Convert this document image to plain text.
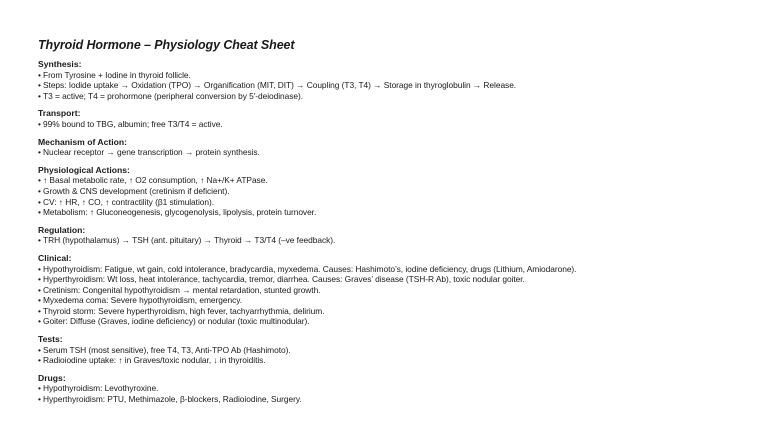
Thyroid Hormone – Physiology Cheat Sheet
Synthesis:
• From Tyrosine + Iodine in thyroid follicle.
• Steps: Iodide uptake → Oxidation (TPO) → Organification (MIT, DIT) → Coupling (T3, T4) → Storage in thyroglobulin → Release.
• T3 = active; T4 = prohormone (peripheral conversion by 5′-deiodinase).
Transport:
• 99% bound to TBG, albumin; free T3/T4 = active.
Mechanism of Action:
• Nuclear receptor → gene transcription → protein synthesis.
Physiological Actions:
• ↑ Basal metabolic rate, ↑ O2 consumption, ↑ Na+/K+ ATPase.
• Growth & CNS development (cretinism if deficient).
• CV: ↑ HR, ↑ CO, ↑ contractility (β1 stimulation).
• Metabolism: ↑ Gluconeogenesis, glycogenolysis, lipolysis, protein turnover.
Regulation:
• TRH (hypothalamus) → TSH (ant. pituitary) → Thyroid → T3/T4 (–ve feedback).
Clinical:
• Hypothyroidism: Fatigue, wt gain, cold intolerance, bradycardia, myxedema. Causes: Hashimoto’s, iodine deficiency, drugs (Lithium, Amiodarone).
• Hyperthyroidism: Wt loss, heat intolerance, tachycardia, tremor, diarrhea. Causes: Graves’ disease (TSH-R Ab), toxic nodular goiter.
• Cretinism: Congenital hypothyroidism → mental retardation, stunted growth.
• Myxedema coma: Severe hypothyroidism, emergency.
• Thyroid storm: Severe hyperthyroidism, high fever, tachyarrhythmia, delirium.
• Goiter: Diffuse (Graves, iodine deficiency) or nodular (toxic multinodular).
Tests:
• Serum TSH (most sensitive), free T4, T3, Anti-TPO Ab (Hashimoto).
• Radioiodine uptake: ↑ in Graves/toxic nodular, ↓ in thyroiditis.
Drugs:
• Hypothyroidism: Levothyroxine.
• Hyperthyroidism: PTU, Methimazole, β-blockers, Radioiodine, Surgery.
